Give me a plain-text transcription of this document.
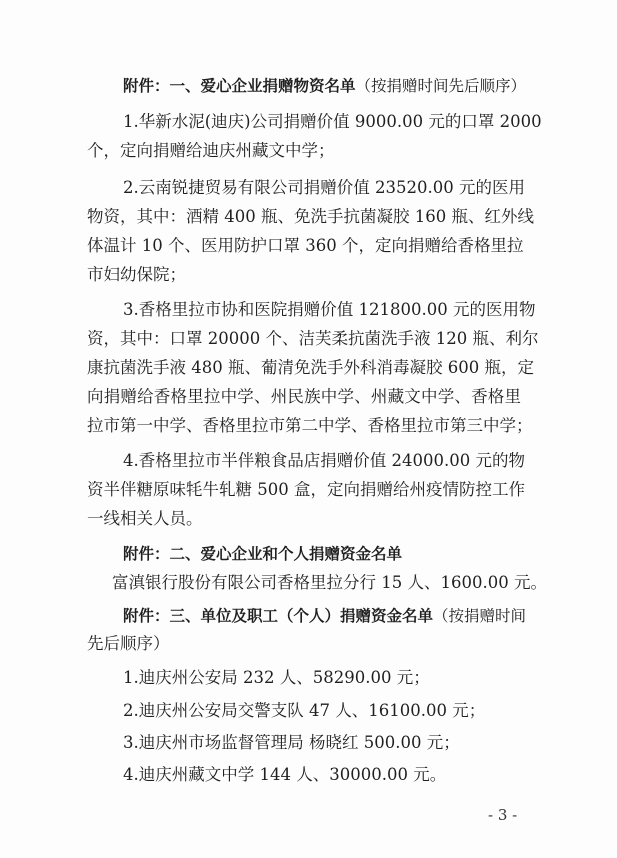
附件：一、爱心企业捐赠物资名单（按捐赠时间先后顺序）
1.华新水泥(迪庆)公司捐赠价值 9000.00 元的口罩 2000
个，定向捐赠给迪庆州藏文中学；
2.云南锐捷贸易有限公司捐赠价值 23520.00 元的医用
物资，其中：酒精 400 瓶、免洗手抗菌凝胶 160 瓶、红外线
体温计 10 个、医用防护口罩 360 个，定向捐赠给香格里拉
市妇幼保院；
3.香格里拉市协和医院捐赠价值 121800.00 元的医用物
资，其中：口罩 20000 个、洁芙柔抗菌洗手液 120 瓶、利尔
康抗菌洗手液 480 瓶、葡清免洗手外科消毒凝胶 600 瓶，定
向捐赠给香格里拉中学、州民族中学、州藏文中学、香格里
拉市第一中学、香格里拉市第二中学、香格里拉市第三中学；
4.香格里拉市半伴粮食品店捐赠价值 24000.00 元的物
资半伴糖原味牦牛轧糖 500 盒，定向捐赠给州疫情防控工作
一线相关人员。
附件：二、爱心企业和个人捐赠资金名单
富滇银行股份有限公司香格里拉分行 15 人、1600.00 元。
附件：三、单位及职工（个人）捐赠资金名单（按捐赠时间
先后顺序）
1.迪庆州公安局 232 人、58290.00 元；
2.迪庆州公安局交警支队 47 人、16100.00 元；
3.迪庆州市场监督管理局 杨晓红 500.00 元；
4.迪庆州藏文中学 144 人、30000.00 元。
- 3 -
